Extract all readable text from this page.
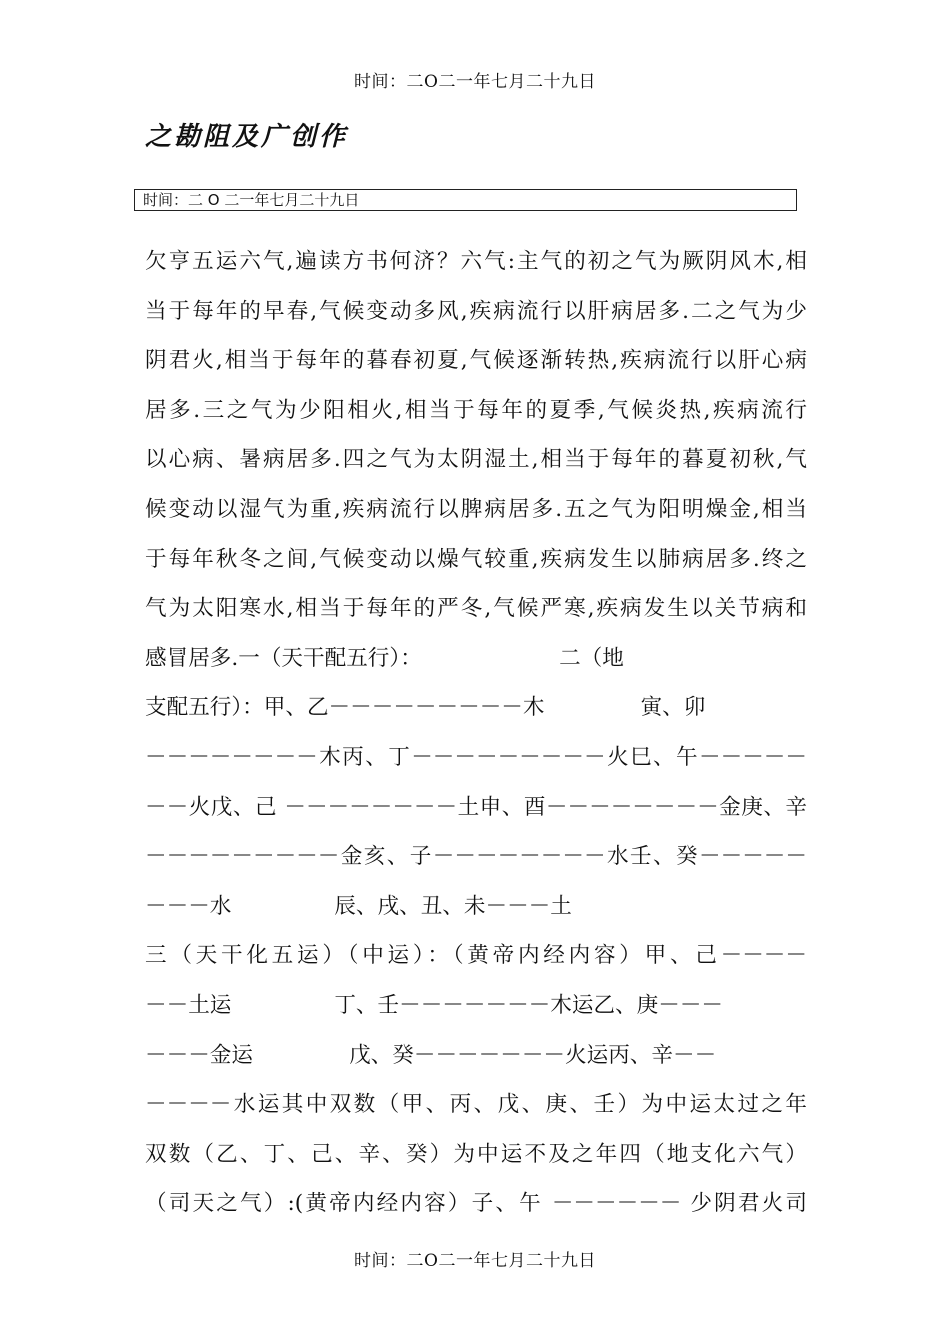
时间：二O二一年七月二十九日
之勘阻及广创作
时间：二 O 二一年七月二十九日
欠亨五运六气,遍读方书何济？六气:主气的初之气为厥阴风木,相
当于每年的早春,气候变动多风,疾病流行以肝病居多.二之气为少
阴君火,相当于每年的暮春初夏,气候逐渐转热,疾病流行以肝心病
居多.三之气为少阳相火,相当于每年的夏季,气候炎热,疾病流行
以心病、暑病居多.四之气为太阴湿土,相当于每年的暮夏初秋,气
候变动以湿气为重,疾病流行以脾病居多.五之气为阳明燥金,相当
于每年秋冬之间,气候变动以燥气较重,疾病发生以肺病居多.终之
气为太阳寒水,相当于每年的严冬,气候严寒,疾病发生以关节病和
感冒居多.一（天干配五行）：                    二（地
支配五行）：甲、乙－－－－－－－－－木              寅、卯
－－－－－－－－木丙、丁－－－－－－－－－火巳、午－－－－－
－－火戊、己 －－－－－－－－土申、酉－－－－－－－－金庚、辛
－－－－－－－－－金亥、子－－－－－－－－水壬、癸－－－－－
－－－水               辰、戌、丑、未－－－土
三（天干化五运）（中运）：（黄帝内经内容）甲、己－－－－
－－土运               丁、壬－－－－－－－木运乙、庚－－－
－－－金运              戊、癸－－－－－－－火运丙、辛－－
－－－－水运其中双数（甲、丙、戊、庚、壬）为中运太过之年
双数（乙、丁、己、辛、癸）为中运不及之年四（地支化六气）
（司天之气）:(黄帝内经内容）子、午 －－－－－－ 少阴君火司
时间：二O二一年七月二十九日
